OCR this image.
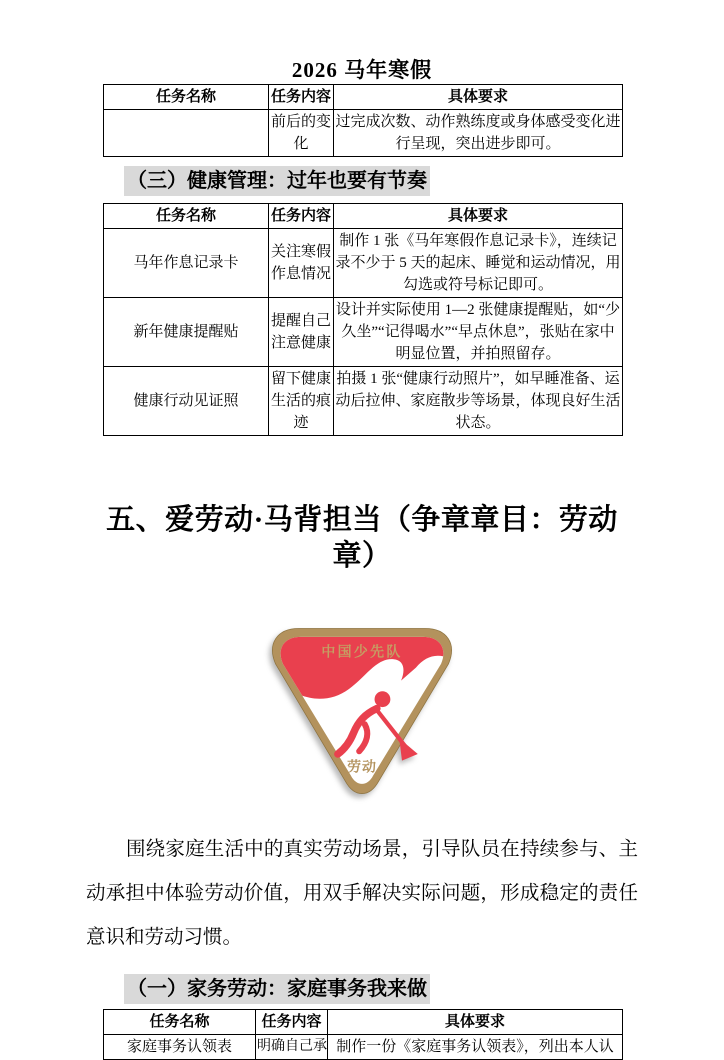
2026 马年寒假
任务名称	任务内容	具体要求
	前后的变化	过完成次数、动作熟练度或身体感受变化进行呈现，突出进步即可。
（三）健康管理：过年也要有节奏
任务名称	任务内容	具体要求
马年作息记录卡	关注寒假作息情况	制作 1 张《马年寒假作息记录卡》，连续记录不少于 5 天的起床、睡觉和运动情况，用勾选或符号标记即可。
新年健康提醒贴	提醒自己注意健康	设计并实际使用 1—2 张健康提醒贴，如“少久坐”“记得喝水”“早点休息”，张贴在家中明显位置，并拍照留存。
健康行动见证照	留下健康生活的痕迹	拍摄 1 张“健康行动照片”，如早睡准备、运动后拉伸、家庭散步等场景，体现良好生活状态。
五、爱劳动·马背担当（争章章目：劳动章）
中国少先队
劳动

围绕家庭生活中的真实劳动场景，引导队员在持续参与、主动承担中体验劳动价值，用双手解决实际问题，形成稳定的责任意识和劳动习惯。

（一）家务劳动：家庭事务我来做
任务名称	任务内容	具体要求
家庭事务认领表	明确自己承	制作一份《家庭事务认领表》，列出本人认
